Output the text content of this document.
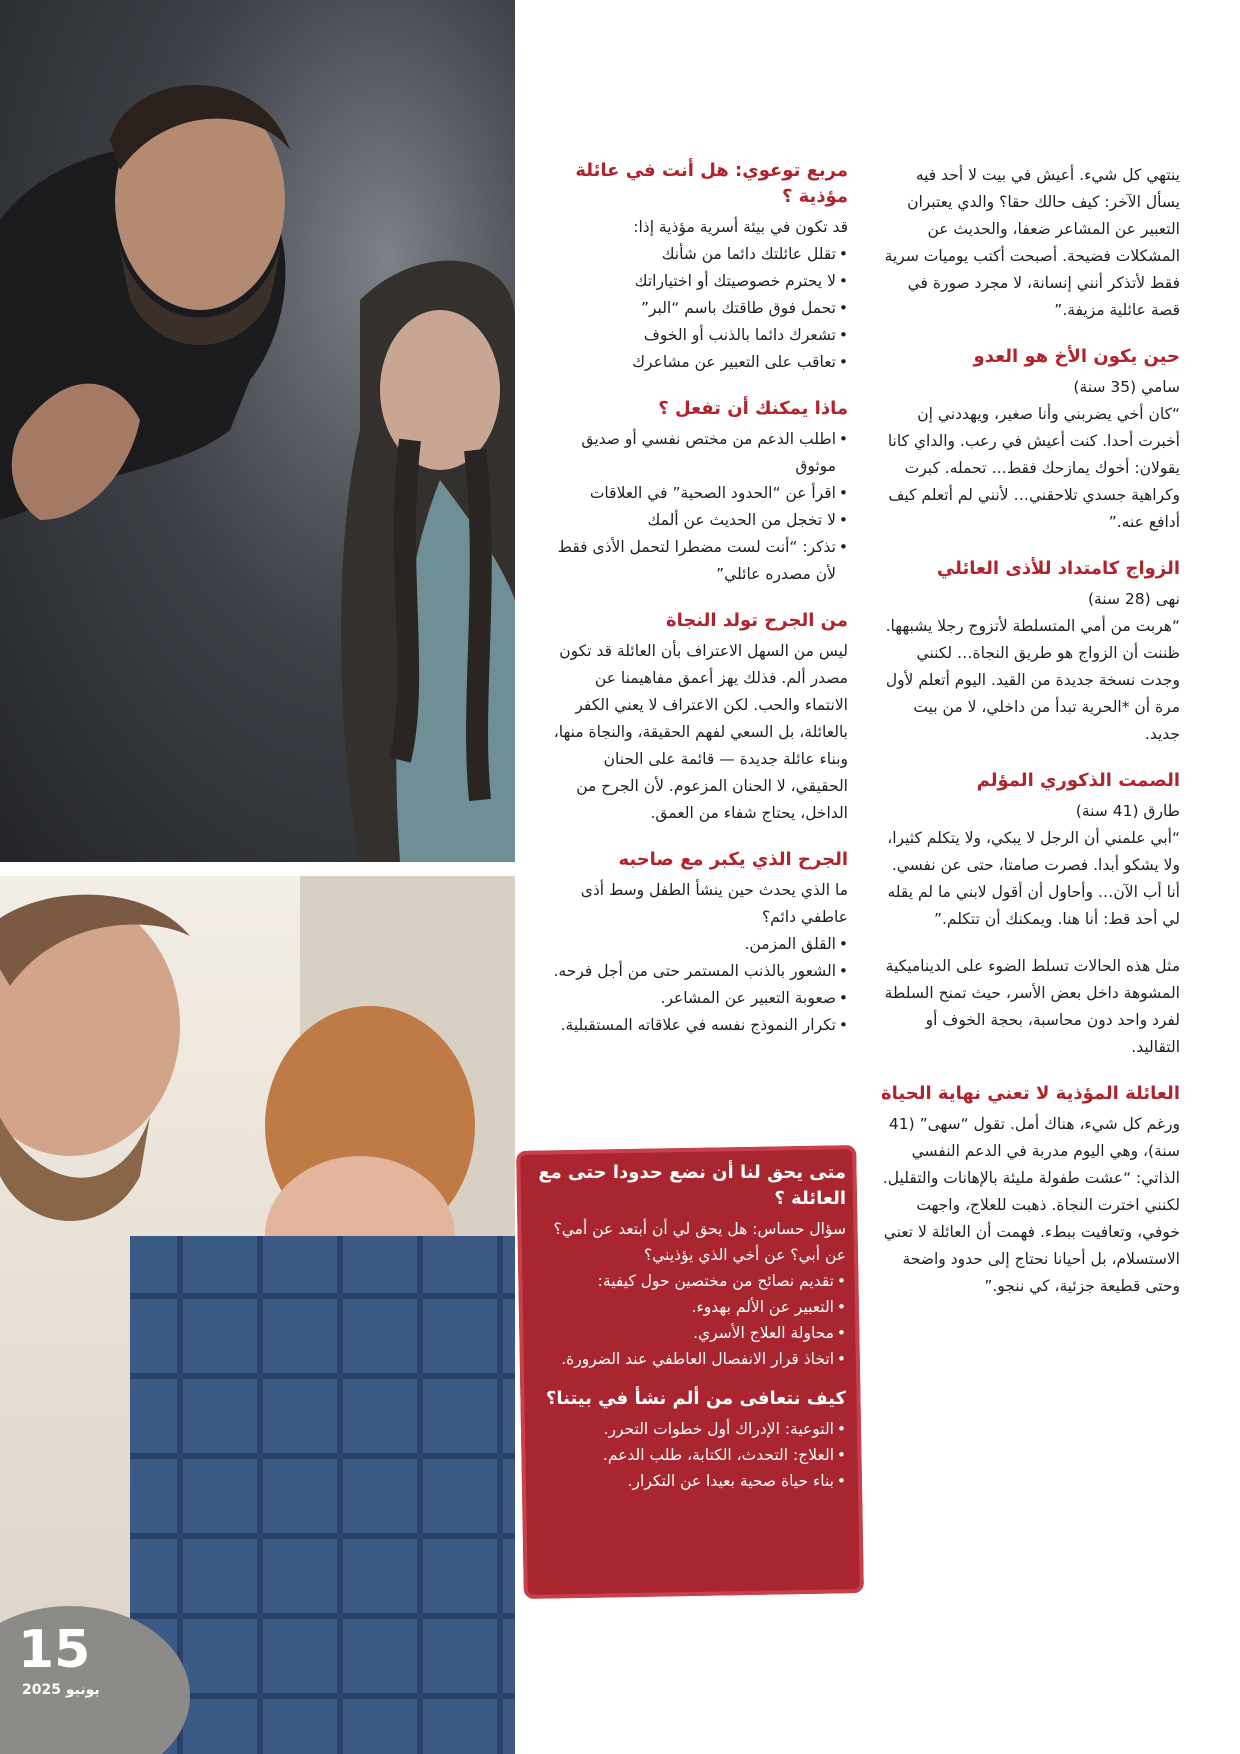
مربع توعوي: هل أنت في عائلة مؤذية ؟

قد تكون في بيئة أسرية مؤذية إذا:

• تقلل عائلتك دائما من شأنك
• لا يحترم خصوصيتك أو اختياراتك
• تحمل فوق طاقتك باسم “البر”
• تشعرك دائما بالذنب أو الخوف
• تعاقب على التعبير عن مشاعرك
ماذا يمكنك أن تفعل ؟
• اطلب الدعم من مختص نفسي أو صديق موثوق
• اقرأ عن “الحدود الصحية” في العلاقات
• لا تخجل من الحديث عن ألمك
• تذكر: “أنت لست مضطرا لتحمل الأذى فقط لأن مصدره عائلي”
من الجرح تولد النجاة

ليس من السهل الاعتراف بأن العائلة قد تكون مصدر ألم. فذلك يهز أعمق مفاهيمنا عن الانتماء والحب. لكن الاعتراف لا يعني الكفر بالعائلة، بل السعي لفهم الحقيقة، والنجاة منها، وبناء عائلة جديدة — قائمة على الحنان الحقيقي، لا الحنان المزعوم. لأن الجرح من الداخل، يحتاج شفاء من العمق.

الجرح الذي يكبر مع صاحبه

ما الذي يحدث حين ينشأ الطفل وسط أذى عاطفي دائم؟

• القلق المزمن.
• الشعور بالذنب المستمر حتى من أجل فرحه.
• صعوبة التعبير عن المشاعر.
• تكرار النموذج نفسه في علاقاته المستقبلية.

ينتهي كل شيء. أعيش في بيت لا أحد فيه يسأل الآخر: كيف حالك حقا؟ والدي يعتبران التعبير عن المشاعر ضعفا، والحديث عن المشكلات فضيحة. أصبحت أكتب يوميات سرية فقط لأتذكر أنني إنسانة، لا مجرد صورة في قصة عائلية مزيفة.”

حين يكون الأخ هو العدو

سامي (35 سنة)

“كان أخي يضربني وأنا صغير، ويهددني إن أخبرت أحدا. كنت أعيش في رعب. والداي كانا يقولان: أخوك يمازحك فقط… تحمله. كبرت وكراهية جسدي تلاحقني… لأنني لم أتعلم كيف أدافع عنه.”

الزواج كامتداد للأذى العائلي

نهى (28 سنة)

“هربت من أمي المتسلطة لأتزوج رجلا يشبهها. ظننت أن الزواج هو طريق النجاة… لكنني وجدت نسخة جديدة من القيد. اليوم أتعلم لأول مرة أن *الحرية تبدأ من داخلي، لا من بيت جديد.

الصمت الذكوري المؤلم

طارق (41 سنة)

“أبي علمني أن الرجل لا يبكي، ولا يتكلم كثيرا، ولا يشكو أبدا. فصرت صامتا، حتى عن نفسي. أنا أب الآن… وأحاول أن أقول لابني ما لم يقله لي أحد قط: أنا هنا. ويمكنك أن تتكلم.”

مثل هذه الحالات تسلط الضوء على الديناميكية المشوهة داخل بعض الأسر، حيث تمنح السلطة لفرد واحد دون محاسبة، بحجة الخوف أو التقاليد.

العائلة المؤذية لا تعني نهاية الحياة

ورغم كل شيء، هناك أمل. تقول “سهى” (41 سنة)، وهي اليوم مدربة في الدعم النفسي الذاتي: “عشت طفولة مليئة بالإهانات والتقليل. لكنني اخترت النجاة. ذهبت للعلاج، واجهت خوفي، وتعافيت ببطء. فهمت أن العائلة لا تعني الاستسلام، بل أحيانا نحتاج إلى حدود واضحة وحتى قطيعة جزئية، كي ننجو.”

متى يحق لنا أن نضع حدودا حتى مع العائلة ؟

سؤال حساس: هل يحق لي أن أبتعد عن أمي؟ عن أبي؟ عن أخي الذي يؤذيني؟

• تقديم نصائح من مختصين حول كيفية:
• التعبير عن الألم بهدوء.
• محاولة العلاج الأسري.
• اتخاذ قرار الانفصال العاطفي عند الضرورة.
كيف نتعافى من ألم نشأ في بيتنا؟
• التوعية: الإدراك أول خطوات التحرر.
• العلاج: التحدث، الكتابة، طلب الدعم.
• بناء حياة صحية بعيدا عن التكرار.
15
يونيو 2025
